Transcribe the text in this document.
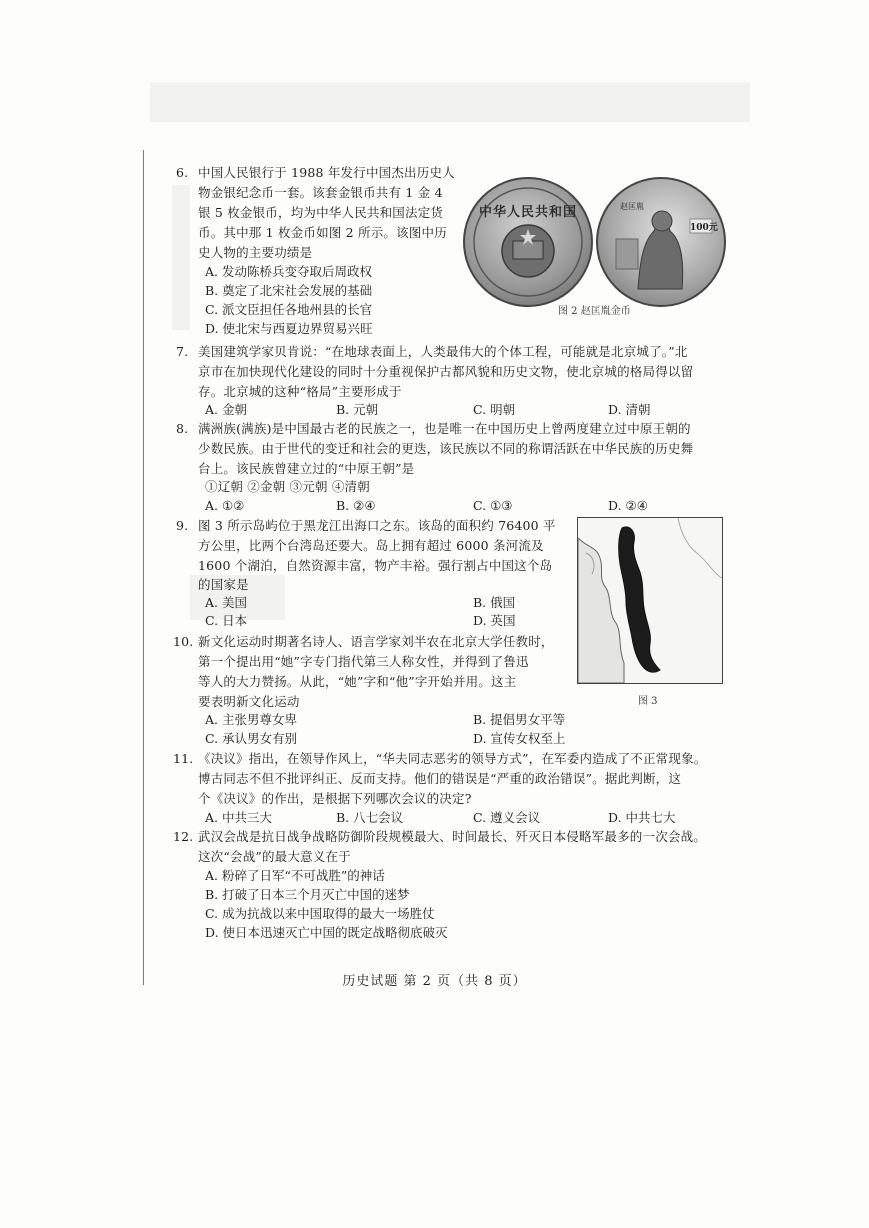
6. 中国人民银行于 1988 年发行中国杰出历史人
物金银纪念币一套。该套金银币共有 1 金 4
银 5 枚金银币，均为中华人民共和国法定货
币。其中那 1 枚金币如图 2 所示。该图中历
史人物的主要功绩是
A. 发动陈桥兵变夺取后周政权
B. 奠定了北宋社会发展的基础
C. 派文臣担任各地州县的长官
D. 使北宋与西夏边界贸易兴旺
中华人民共和国	赵匡胤
100元
图 2 赵匡胤金币
7. 美国建筑学家贝肯说：“在地球表面上，人类最伟大的个体工程，可能就是北京城了。”北
京市在加快现代化建设的同时十分重视保护古都风貌和历史文物，使北京城的格局得以留
存。北京城的这种“格局”主要形成于
A. 金朝	B. 元朝	C. 明朝	D. 清朝
8. 满洲族(满族)是中国最古老的民族之一，也是唯一在中国历史上曾两度建立过中原王朝的
少数民族。由于世代的变迁和社会的更迭，该民族以不同的称谓活跃在中华民族的历史舞
台上。该民族曾建立过的“中原王朝”是
①辽朝 ②金朝 ③元朝 ④清朝
A. ①②	B. ②④	C. ①③	D. ②④
9. 图 3 所示岛屿位于黑龙江出海口之东。该岛的面积约 76400 平
方公里，比两个台湾岛还要大。岛上拥有超过 6000 条河流及
1600 个湖泊，自然资源丰富，物产丰裕。强行割占中国这个岛
的国家是
A. 美国	B. 俄国
C. 日本	D. 英国
图 3
10. 新文化运动时期著名诗人、语言学家刘半农在北京大学任教时，
第一个提出用“她”字专门指代第三人称女性，并得到了鲁迅
等人的大力赞扬。从此，“她”字和“他”字开始并用。这主
要表明新文化运动
A. 主张男尊女卑	B. 提倡男女平等
C. 承认男女有别	D. 宣传女权至上
11. 《决议》指出，在领导作风上，“华夫同志恶劣的领导方式”，在军委内造成了不正常现象。
博古同志不但不批评纠正、反而支持。他们的错误是“严重的政治错误”。据此判断，这
个《决议》的作出，是根据下列哪次会议的决定?
A. 中共三大	B. 八七会议	C. 遵义会议	D. 中共七大
12. 武汉会战是抗日战争战略防御阶段规模最大、时间最长、歼灭日本侵略军最多的一次会战。
这次“会战”的最大意义在于
A. 粉碎了日军“不可战胜”的神话
B. 打破了日本三个月灭亡中国的迷梦
C. 成为抗战以来中国取得的最大一场胜仗
D. 使日本迅速灭亡中国的既定战略彻底破灭
历史试题 第 2 页（共 8 页）
